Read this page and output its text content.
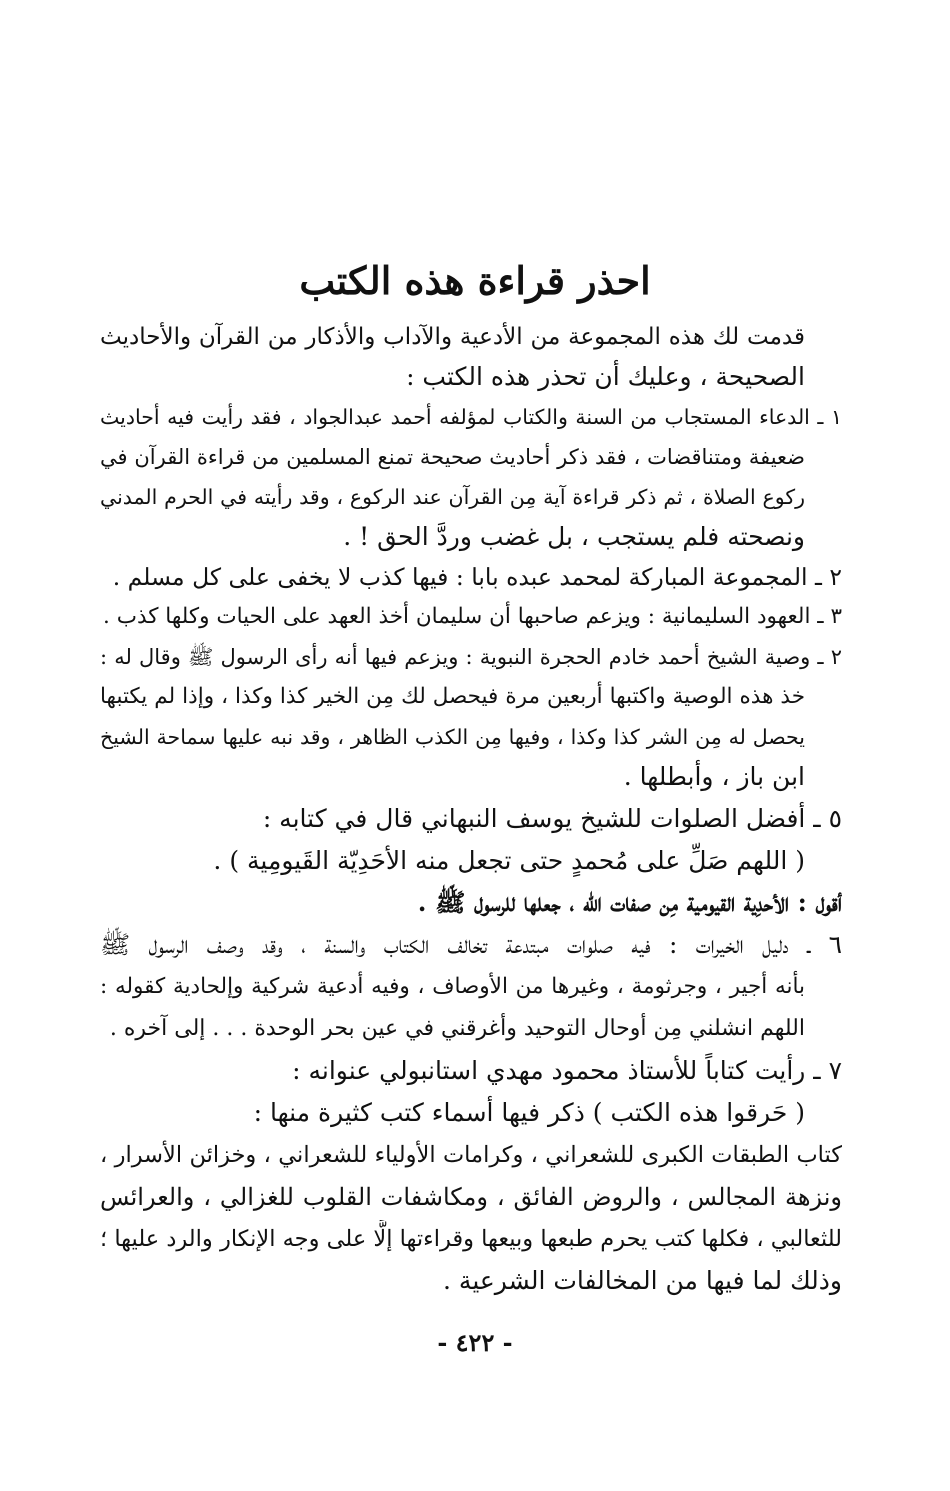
احذر قراءة هذه الكتب
قدمت لك هذه المجموعة من الأدعية والآداب والأذكار من القرآن والأحاديث
الصحيحة ، وعليك أن تحذر هذه الكتب :
١ ـ الدعاء المستجاب من السنة والكتاب لمؤلفه أحمد عبدالجواد ، فقد رأيت فيه أحاديث
ضعيفة ومتناقضات ، فقد ذكر أحاديث صحيحة تمنع المسلمين من قراءة القرآن في
ركوع الصلاة ، ثم ذكر قراءة آية مِن القرآن عند الركوع ، وقد رأيته في الحرم المدني
ونصحته فلم يستجب ، بل غضب وردَّ الحق ! .
٢ ـ المجموعة المباركة لمحمد عبده بابا : فيها كذب لا يخفى على كل مسلم .
٣ ـ العهود السليمانية : ويزعم صاحبها أن سليمان أخذ العهد على الحيات وكلها كذب .
٢ ـ وصية الشيخ أحمد خادم الحجرة النبوية : ويزعم فيها أنه رأى الرسول ﷺ وقال له :
خذ هذه الوصية واكتبها أربعين مرة فيحصل لك مِن الخير كذا وكذا ، وإذا لم يكتبها
يحصل له مِن الشر كذا وكذا ، وفيها مِن الكذب الظاهر ، وقد نبه عليها سماحة الشيخ
ابن باز ، وأبطلها .
٥ ـ أفضل الصلوات للشيخ يوسف النبهاني قال في كتابه :
( اللهم صَلِّ على مُحمدٍ حتى تجعل منه الأحَدِيّة القَيومِية ) .
أقول : الأحدِية القيومية مِن صفات الله ، جعلها للرسول ﷺ .
٦ ـ دليل الخيرات : فيه صلوات مبتدعة تخالف الكتاب والسنة ، وقد وصف الرسول ﷺ
بأنه أجير ، وجرثومة ، وغيرها من الأوصاف ، وفيه أدعية شركية وإلحادية كقوله :
اللهم انشلني مِن أوحال التوحيد وأغرقني في عين بحر الوحدة . . . إلى آخره .
٧ ـ رأيت كتاباً للأستاذ محمود مهدي استانبولي عنوانه :
( حَرقوا هذه الكتب ) ذكر فيها أسماء كتب كثيرة منها :
كتاب الطبقات الكبرى للشعراني ، وكرامات الأولياء للشعراني ، وخزائن الأسرار ،
ونزهة المجالس ، والروض الفائق ، ومكاشفات القلوب للغزالي ، والعرائس
للثعالبي ، فكلها كتب يحرم طبعها وبيعها وقراءتها إلَّا على وجه الإنكار والرد عليها ؛
وذلك لما فيها من المخالفات الشرعية .
- ٤٢٢ -
